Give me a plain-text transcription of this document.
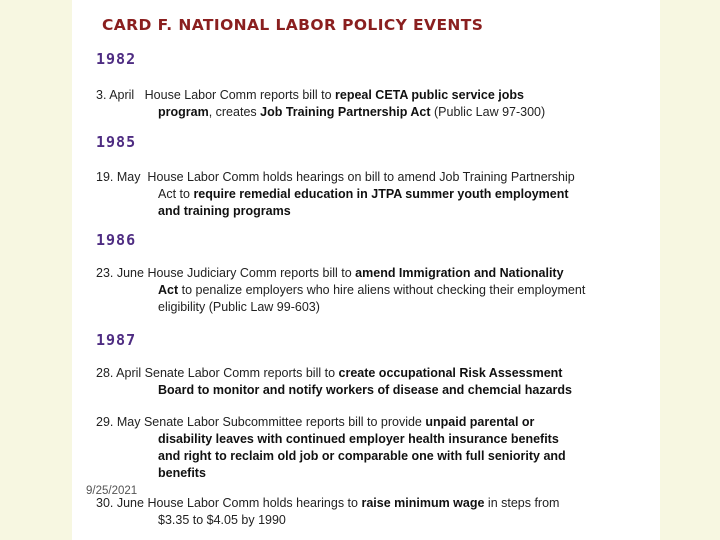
CARD F. NATIONAL LABOR POLICY EVENTS
1982
3. April House Labor Comm reports bill to repeal CETA public service jobs
program, creates Job Training Partnership Act (Public Law 97-300)
1985
19. May House Labor Comm holds hearings on bill to amend Job Training Partnership
Act to require remedial education in JTPA summer youth employment
and training programs
1986
23. June House Judiciary Comm reports bill to amend Immigration and Nationality
Act to penalize employers who hire aliens without checking their employment
eligibility (Public Law 99-603)
1987
28. April Senate Labor Comm reports bill to create occupational Risk Assessment
Board to monitor and notify workers of disease and chemcial hazards
29. May Senate Labor Subcommittee reports bill to provide unpaid parental or
disability leaves with continued employer health insurance benefits
and right to reclaim old job or comparable one with full seniority and
benefits
30. June House Labor Comm holds hearings to raise minimum wage in steps from
$3.35 to $4.05 by 1990
9/25/2021
